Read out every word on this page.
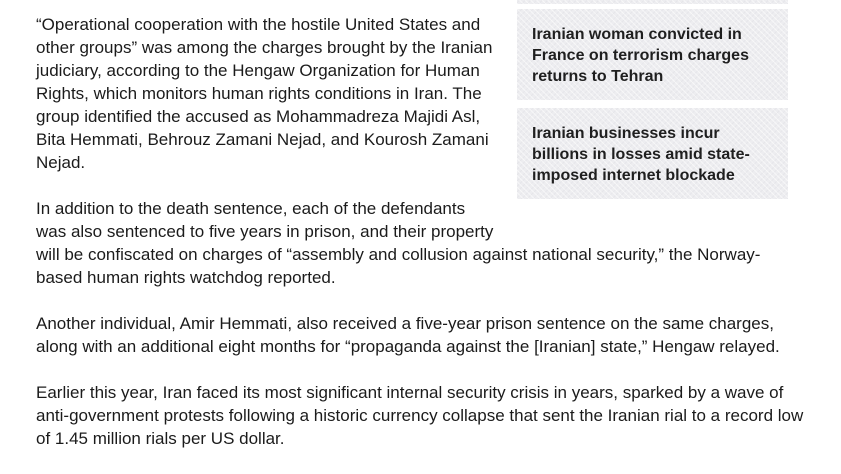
Iranian woman convicted in France on terrorism charges returns to Tehran
Iranian businesses incur billions in losses amid state-imposed internet blockade

“Operational cooperation with the hostile United States and other groups” was among the charges brought by the Iranian judiciary, according to the Hengaw Organization for Human Rights, which monitors human rights conditions in Iran. The group identified the accused as Mohammadreza Majidi Asl, Bita Hemmati, Behrouz Zamani Nejad, and Kourosh Zamani Nejad.

In addition to the death sentence, each of the defendants was also sentenced to five years in prison, and their property will be confiscated on charges of “assembly and collusion against national security,” the Norway-based human rights watchdog reported.

Another individual, Amir Hemmati, also received a five-year prison sentence on the same charges, along with an additional eight months for “propaganda against the [Iranian] state,” Hengaw relayed.

Earlier this year, Iran faced its most significant internal security crisis in years, sparked by a wave of anti-government protests following a historic currency collapse that sent the Iranian rial to a record low of 1.45 million rials per US dollar.
